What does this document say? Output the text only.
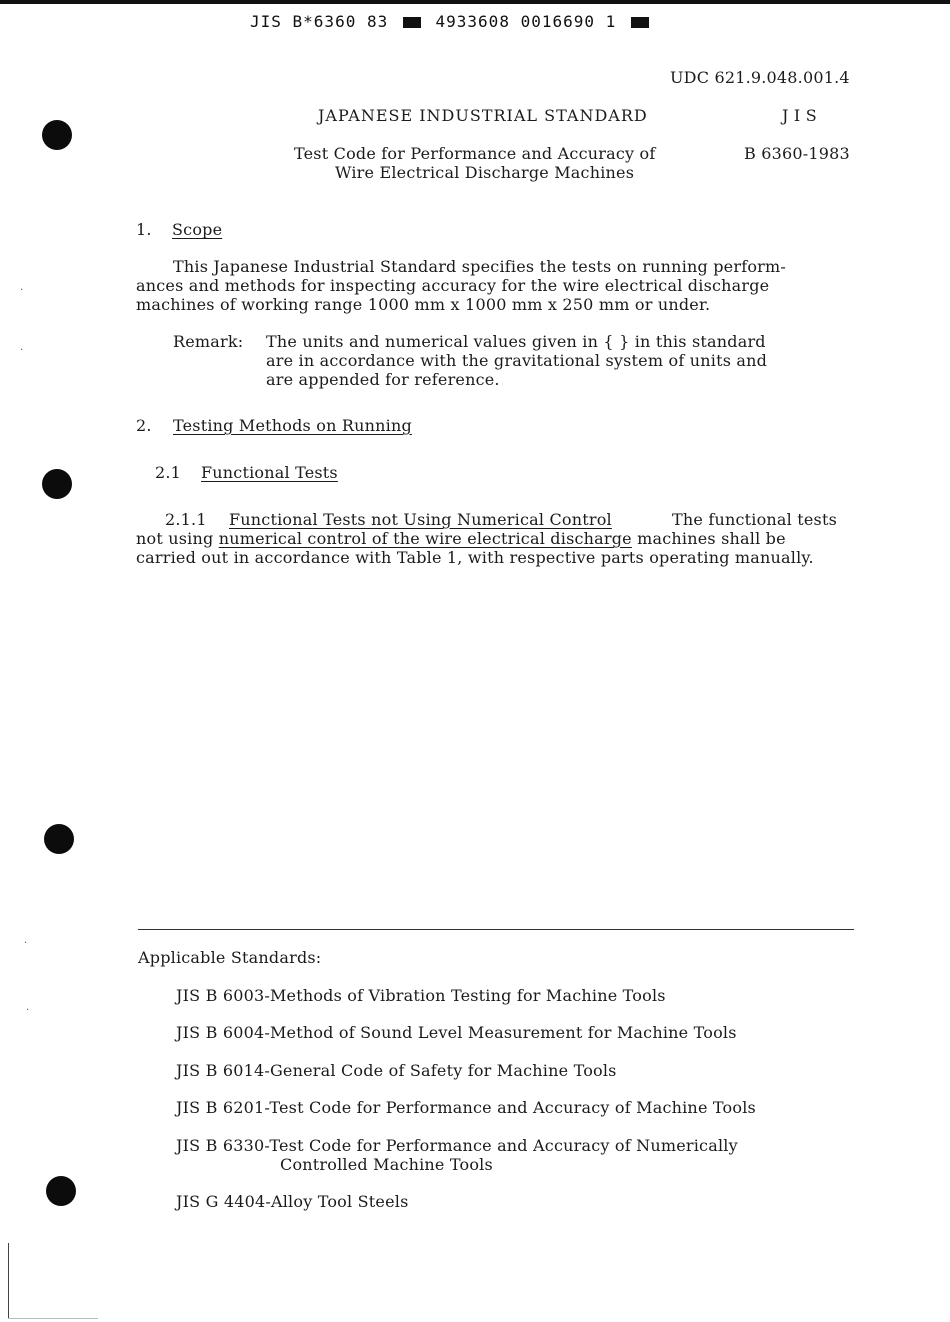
JIS B*6360 83	4933608 0016690 1
·
·
·
·
UDC 621.9.048.001.4
JAPANESE INDUSTRIAL STANDARD	J I S
Test Code for Performance and Accuracy of
Wire Electrical Discharge Machines
B 6360-1983
1. Scope
This Japanese Industrial Standard specifies the tests on running perform-
ances and methods for inspecting accuracy for the wire electrical discharge
machines of working range 1000 mm x 1000 mm x 250 mm or under.
Remark: The units and numerical values given in { } in this standard
are in accordance with the gravitational system of units and
are appended for reference.
2. Testing Methods on Running
2.1 Functional Tests
2.1.1 Functional Tests not Using Numerical Control	The functional tests
not using numerical control of the wire electrical discharge machines shall be
carried out in accordance with Table 1, with respective parts operating manually.
Applicable Standards:
JIS B 6003-Methods of Vibration Testing for Machine Tools
JIS B 6004-Method of Sound Level Measurement for Machine Tools
JIS B 6014-General Code of Safety for Machine Tools
JIS B 6201-Test Code for Performance and Accuracy of Machine Tools
JIS B 6330-Test Code for Performance and Accuracy of Numerically
Controlled Machine Tools
JIS G 4404-Alloy Tool Steels
